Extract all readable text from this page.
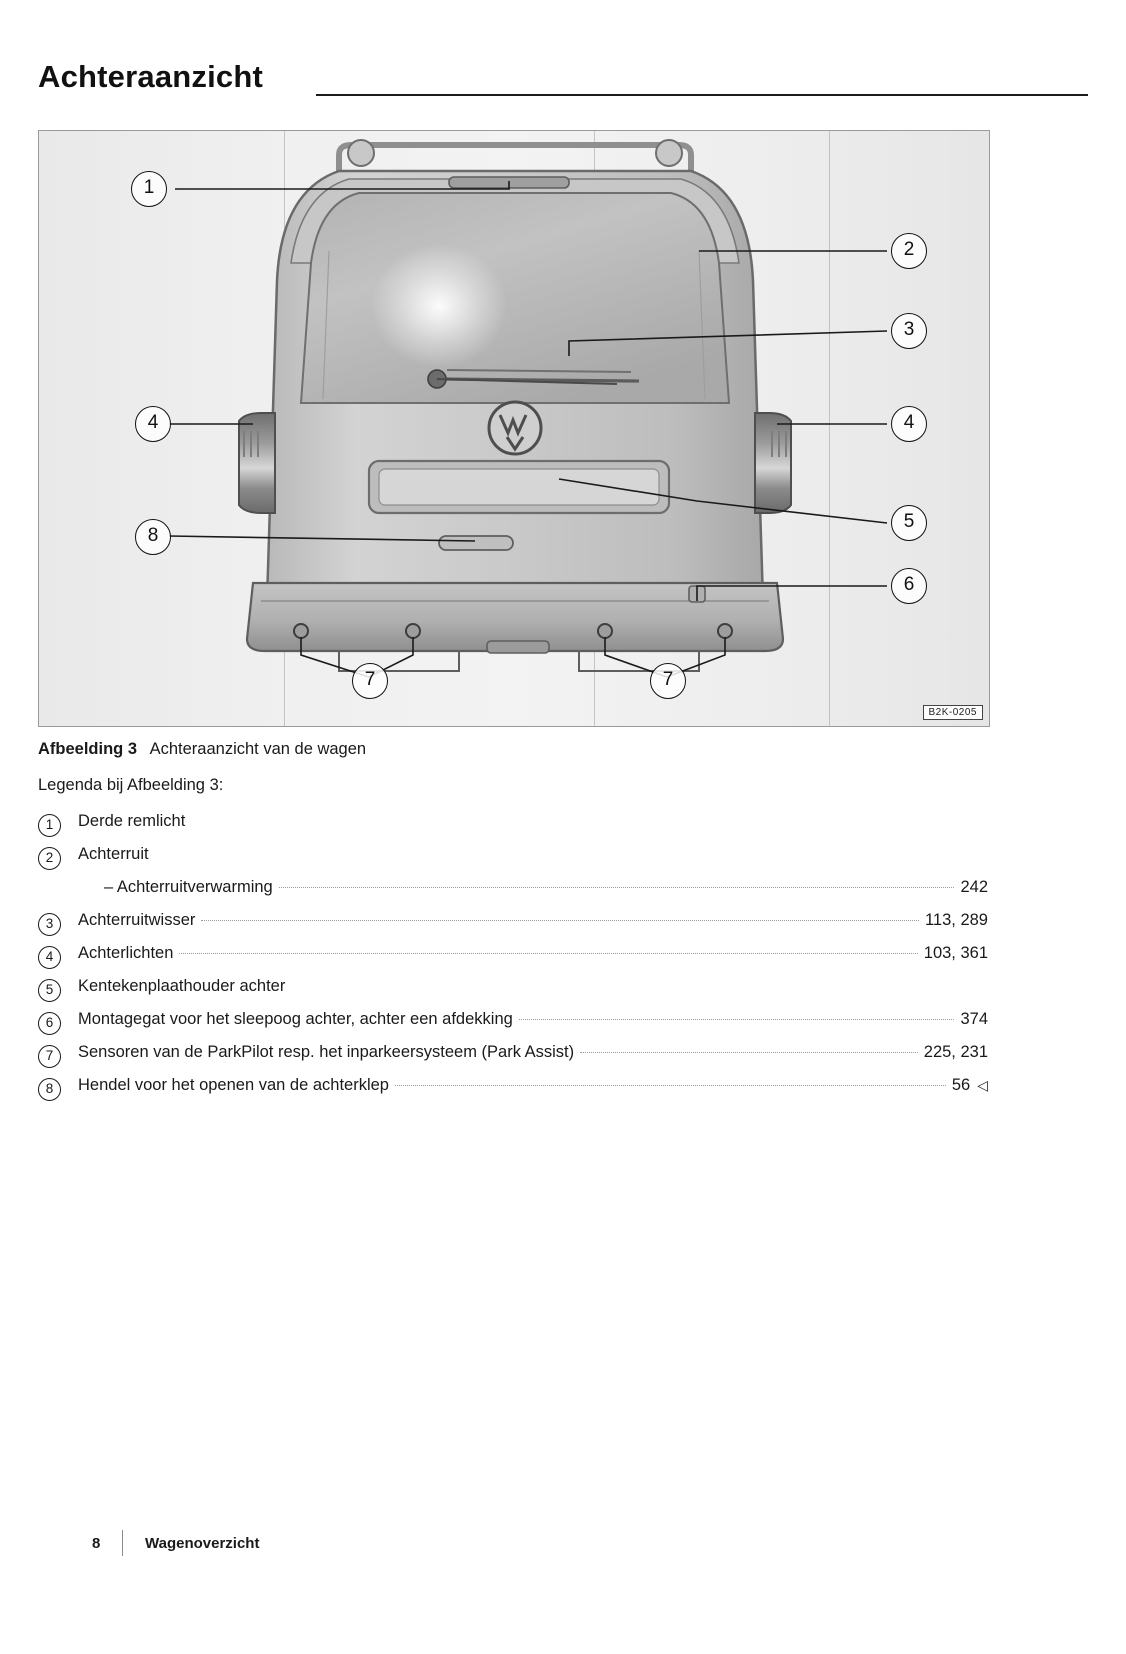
Achteraanzicht
1
2
3
4	4
5
6
7	7
8
B2K-0205
Afbeelding 3 Achteraanzicht van de wagen
Legenda bij Afbeelding 3:
1	Derde remlicht
2	Achterruit
– Achterruitverwarming	242
3	Achterruitwisser	113, 289
4	Achterlichten	103, 361
5	Kentekenplaathouder achter
6	Montagegat voor het sleepoog achter, achter een afdekking	374
7	Sensoren van de ParkPilot resp. het inparkeersysteem (Park Assist)	225, 231
8	Hendel voor het openen van de achterklep	56 ◁
8	Wagenoverzicht
